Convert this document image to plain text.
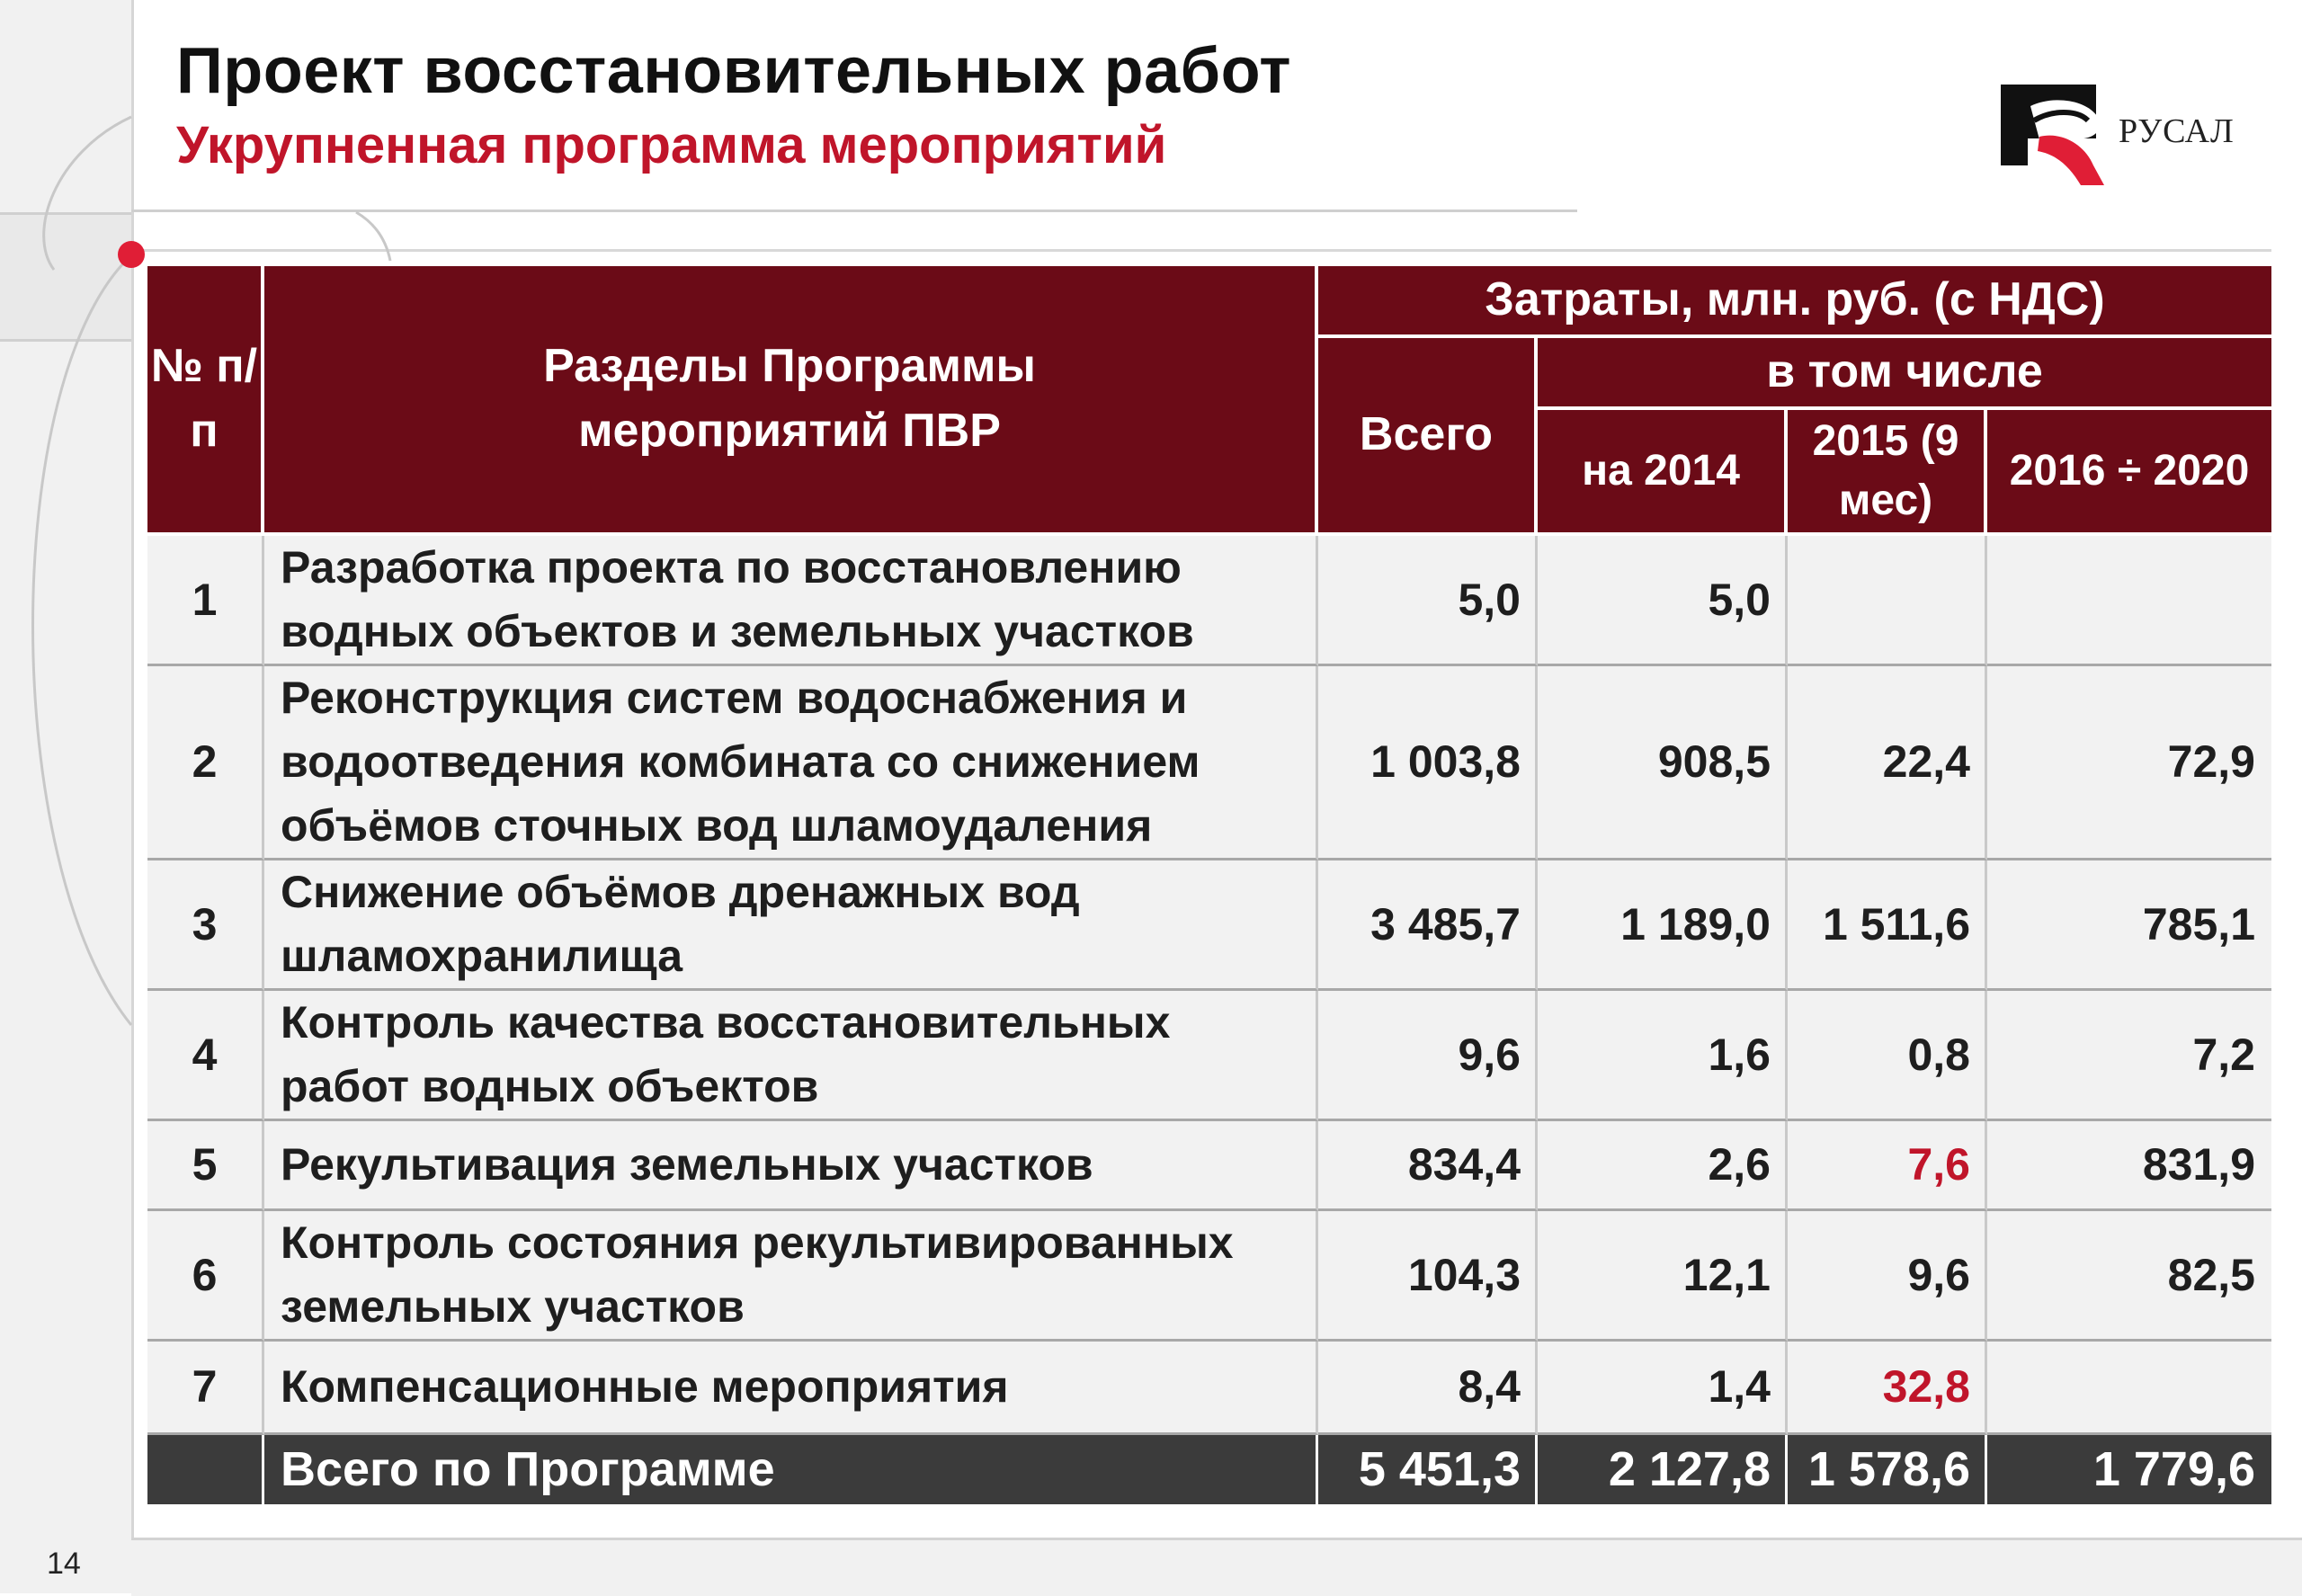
Проект восстановительных работ
Укрупненная программа мероприятий	РУСАЛ
№ п/п	Разделы Программы мероприятий ПВР	Затраты, млн. руб. (с НДС)			
		Всего	в том числе		
			на 2014	2015 (9 мес)	2016 ÷ 2020
1	Разработка проекта по восстановлению водных объектов и земельных участков	5,0	5,0		
2	Реконструкция систем водоснабжения и водоотведения комбината со снижением объёмов сточных вод шламоудаления	1 003,8	908,5	22,4	72,9
3	Снижение объёмов дренажных вод шламохранилища	3 485,7	1 189,0	1 511,6	785,1
4	Контроль качества восстановительных работ водных объектов	9,6	1,6	0,8	7,2
5	Рекультивация земельных участков	834,4	2,6	7,6	831,9
6	Контроль состояния рекультивированных земельных участков	104,3	12,1	9,6	82,5
7	Компенсационные мероприятия	8,4	1,4	32,8	
	Всего по Программе	5 451,3	2 127,8	1 578,6	1 779,6
14
